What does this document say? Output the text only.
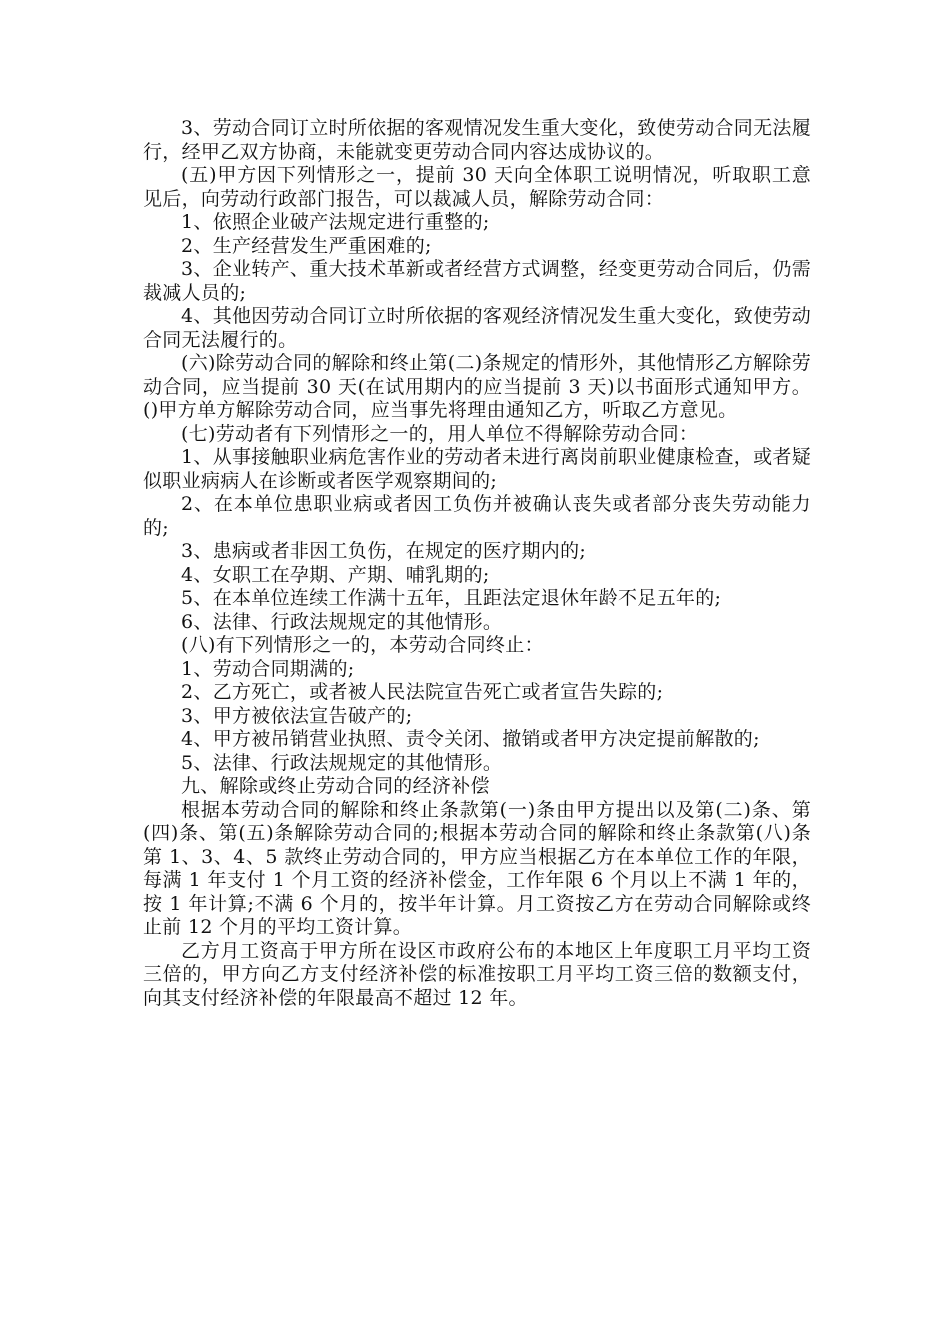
3、劳动合同订立时所依据的客观情况发生重大变化，致使劳动合同无法履行，经甲乙双方协商，未能就变更劳动合同内容达成协议的。

(五)甲方因下列情形之一，提前 30 天向全体职工说明情况，听取职工意见后，向劳动行政部门报告，可以裁减人员，解除劳动合同：

1、依照企业破产法规定进行重整的;

2、生产经营发生严重困难的;

3、企业转产、重大技术革新或者经营方式调整，经变更劳动合同后，仍需裁减人员的;

4、其他因劳动合同订立时所依据的客观经济情况发生重大变化，致使劳动合同无法履行的。

(六)除劳动合同的解除和终止第(二)条规定的情形外，其他情形乙方解除劳动合同，应当提前 30 天(在试用期内的应当提前 3 天)以书面形式通知甲方。()甲方单方解除劳动合同，应当事先将理由通知乙方，听取乙方意见。

(七)劳动者有下列情形之一的，用人单位不得解除劳动合同：

1、从事接触职业病危害作业的劳动者未进行离岗前职业健康检查，或者疑似职业病病人在诊断或者医学观察期间的;

2、在本单位患职业病或者因工负伤并被确认丧失或者部分丧失劳动能力的;

3、患病或者非因工负伤，在规定的医疗期内的;

4、女职工在孕期、产期、哺乳期的;

5、在本单位连续工作满十五年，且距法定退休年龄不足五年的;

6、法律、行政法规规定的其他情形。

(八)有下列情形之一的，本劳动合同终止：

1、劳动合同期满的;

2、乙方死亡，或者被人民法院宣告死亡或者宣告失踪的;

3、甲方被依法宣告破产的;

4、甲方被吊销营业执照、责令关闭、撤销或者甲方决定提前解散的;

5、法律、行政法规规定的其他情形。

九、解除或终止劳动合同的经济补偿

根据本劳动合同的解除和终止条款第(一)条由甲方提出以及第(二)条、第(四)条、第(五)条解除劳动合同的;根据本劳动合同的解除和终止条款第(八)条第 1、3、4、5 款终止劳动合同的，甲方应当根据乙方在本单位工作的年限，每满 1 年支付 1 个月工资的经济补偿金，工作年限 6 个月以上不满 1 年的，按 1 年计算;不满 6 个月的，按半年计算。月工资按乙方在劳动合同解除或终止前 12 个月的平均工资计算。

乙方月工资高于甲方所在设区市政府公布的本地区上年度职工月平均工资三倍的，甲方向乙方支付经济补偿的标准按职工月平均工资三倍的数额支付，向其支付经济补偿的年限最高不超过 12 年。
